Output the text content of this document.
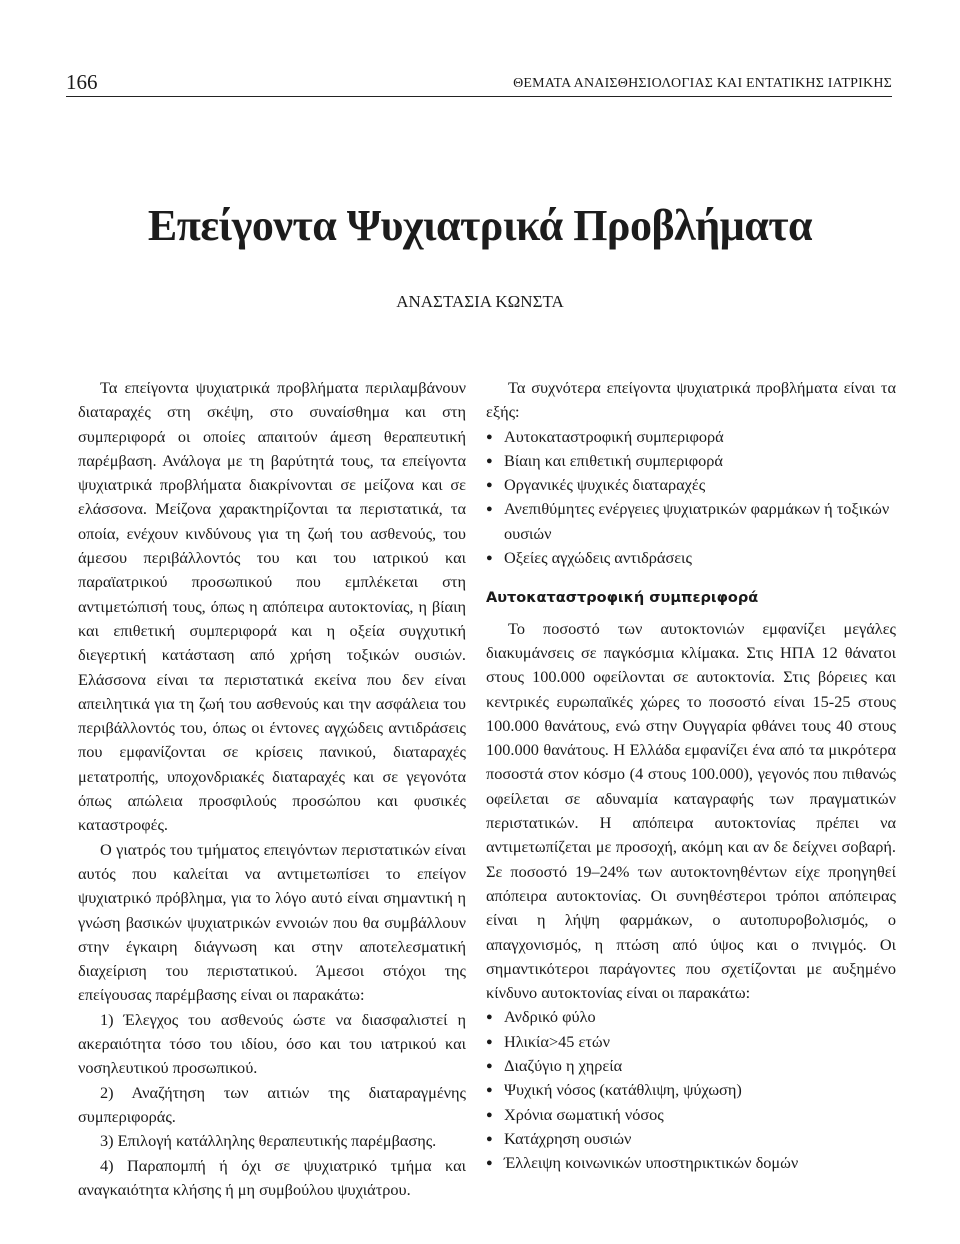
166	ΘΕΜΑΤΑ ΑΝΑΙΣΘΗΣΙΟΛΟΓΙΑΣ ΚΑΙ ΕΝΤΑΤΙΚΗΣ ΙΑΤΡΙΚΗΣ
Επείγοντα Ψυχιατρικά Προβλήματα
ΑΝΑΣΤΑΣΙΑ ΚΩΝΣΤΑ

Τα επείγοντα ψυχιατρικά προβλήματα περιλαμβάνουν διαταραχές στη σκέψη, στο συναίσθημα και στη συμπεριφορά οι οποίες απαιτούν άμεση θεραπευτική παρέμβαση. Ανάλογα με τη βαρύτητά τους, τα επείγοντα ψυχιατρικά προβλήματα διακρίνονται σε μείζονα και σε ελάσσονα. Μείζονα χαρακτηρίζονται τα περιστατικά, τα οποία, ενέχουν κινδύνους για τη ζωή του ασθενούς, του άμεσου περιβάλλοντός του και του ιατρικού και παραϊατρικού προσωπικού που εμπλέκεται στη αντιμετώπισή τους, όπως η απόπειρα αυτοκτονίας, η βίαιη και επιθετική συμπεριφορά και η οξεία συγχυτική διεγερτική κατάσταση από χρήση τοξικών ουσιών. Ελάσσονα είναι τα περιστατικά εκείνα που δεν είναι απειλητικά για τη ζωή του ασθενούς και την ασφάλεια του περιβάλλοντός του, όπως οι έντονες αγχώδεις αντιδράσεις που εμφανίζονται σε κρίσεις πανικού, διαταραχές μετατροπής, υποχονδριακές διαταραχές και σε γεγονότα όπως απώλεια προσφιλούς προσώπου και φυσικές καταστροφές.

Ο γιατρός του τμήματος επειγόντων περιστατικών είναι αυτός που καλείται να αντιμετωπίσει το επείγον ψυχιατρικό πρόβλημα, για το λόγο αυτό είναι σημαντική η γνώση βασικών ψυχιατρικών εννοιών που θα συμβάλλουν στην έγκαιρη διάγνωση και στην αποτελεσματική διαχείριση του περιστατικού. Άμεσοι στόχοι της επείγουσας παρέμβασης είναι οι παρακάτω:

1) Έλεγχος του ασθενούς ώστε να διασφαλιστεί η ακεραιότητα τόσο του ιδίου, όσο και του ιατρικού και νοσηλευτικού προσωπικού.

2) Αναζήτηση των αιτιών της διαταραγμένης συμπεριφοράς.

3) Επιλογή κατάλληλης θεραπευτικής παρέμβασης.

4) Παραπομπή ή όχι σε ψυχιατρικό τμήμα και αναγκαιότητα κλήσης ή μη συμβούλου ψυχιάτρου.

Τα συχνότερα επείγοντα ψυχιατρικά προβλήματα είναι τα εξής:

● Αυτοκαταστροφική συμπεριφορά
● Βίαιη και επιθετική συμπεριφορά
● Οργανικές ψυχικές διαταραχές
● Ανεπιθύμητες ενέργειες ψυχιατρικών φαρμάκων ή τοξικών ουσιών
● Οξείες αγχώδεις αντιδράσεις
Αυτοκαταστροφική συμπεριφορά

Το ποσοστό των αυτοκτονιών εμφανίζει μεγάλες διακυμάνσεις σε παγκόσμια κλίμακα. Στις ΗΠΑ 12 θάνατοι στους 100.000 οφείλονται σε αυτοκτονία. Στις βόρειες και κεντρικές ευρωπαϊκές χώρες το ποσοστό είναι 15-25 στους 100.000 θανάτους, ενώ στην Ουγγαρία φθάνει τους 40 στους 100.000 θανάτους. Η Ελλάδα εμφανίζει ένα από τα μικρότερα ποσοστά στον κόσμο (4 στους 100.000), γεγονός που πιθανώς οφείλεται σε αδυναμία καταγραφής των πραγματικών περιστατικών. Η απόπειρα αυτοκτονίας πρέπει να αντιμετωπίζεται με προσοχή, ακόμη και αν δε δείχνει σοβαρή. Σε ποσοστό 19–24% των αυτοκτονηθέντων είχε προηγηθεί απόπειρα αυτοκτονίας. Οι συνηθέστεροι τρόποι απόπειρας είναι η λήψη φαρμάκων, ο αυτοπυροβολισμός, ο απαγχονισμός, η πτώση από ύψος και ο πνιγμός. Οι σημαντικότεροι παράγοντες που σχετίζονται με αυξημένο κίνδυνο αυτοκτονίας είναι οι παρακάτω:

● Ανδρικό φύλο
● Ηλικία>45 ετών
● Διαζύγιο η χηρεία
● Ψυχική νόσος (κατάθλιψη, ψύχωση)
● Χρόνια σωματική νόσος
● Κατάχρηση ουσιών
● Έλλειψη κοινωνικών υποστηρικτικών δομών
